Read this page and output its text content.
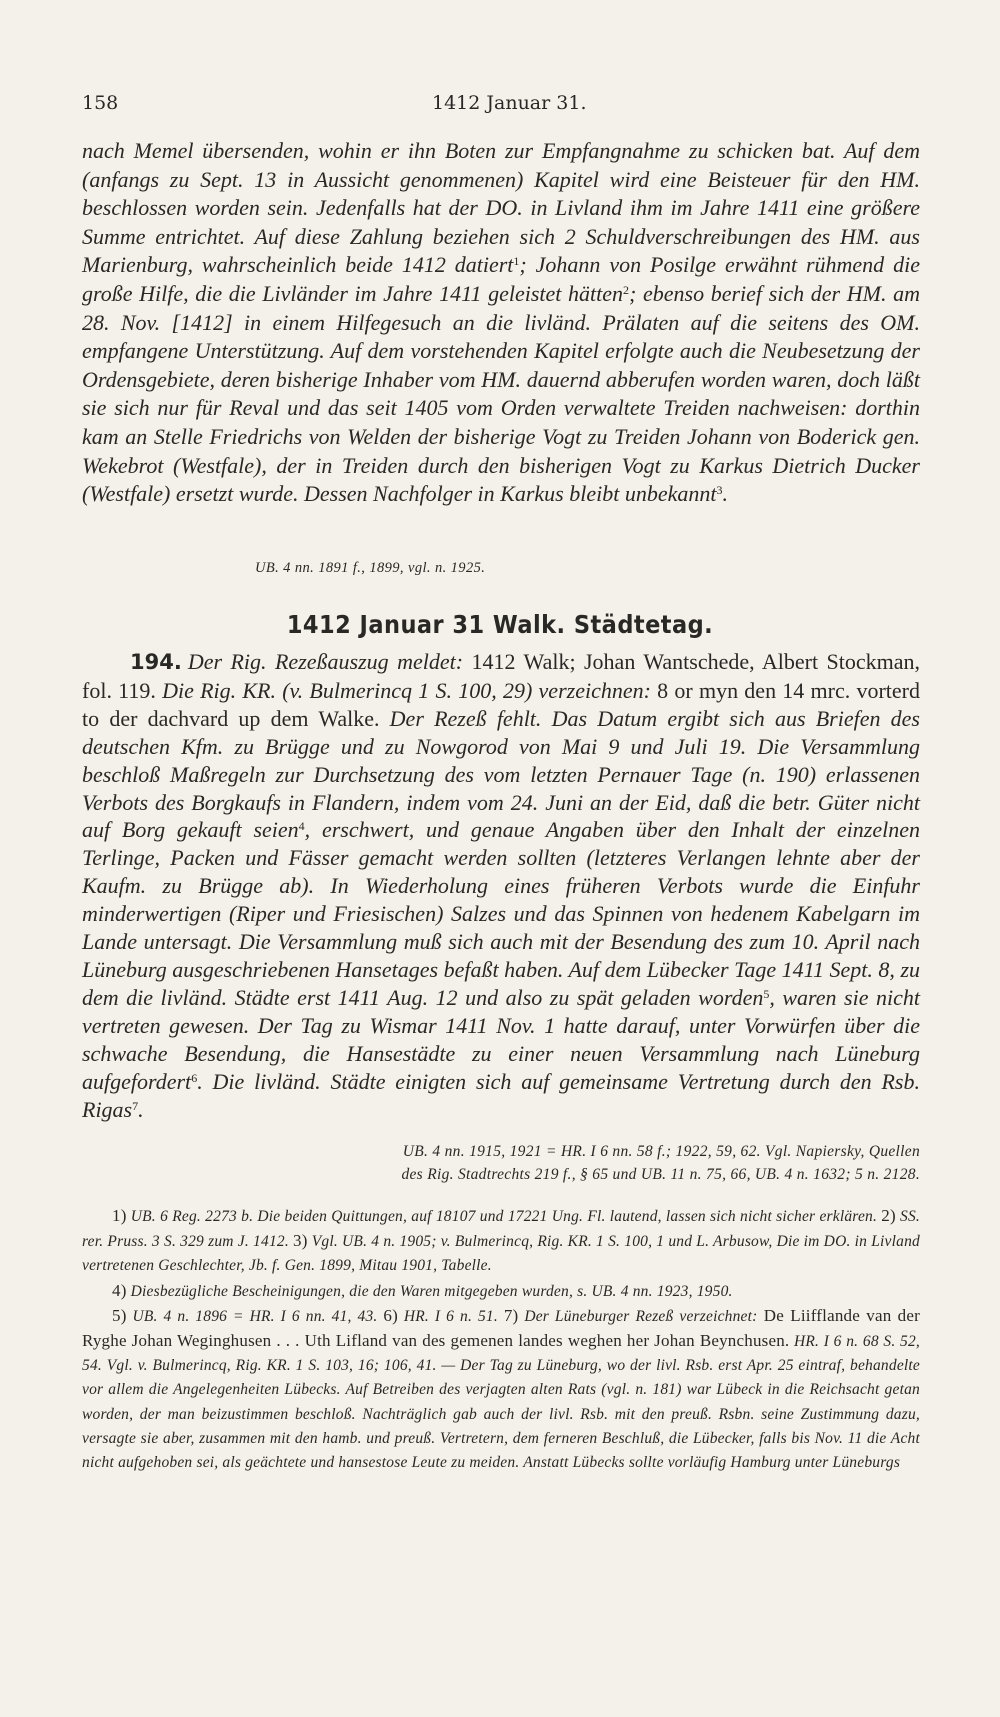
158	1412 Januar 31.

nach Memel übersenden, wohin er ihn Boten zur Empfangnahme zu schicken bat. Auf dem (anfangs zu Sept. 13 in Aussicht genommenen) Kapitel wird eine Beisteuer für den HM. beschlossen worden sein. Jedenfalls hat der DO. in Livland ihm im Jahre 1411 eine größere Summe entrichtet. Auf diese Zahlung beziehen sich 2 Schuldverschreibungen des HM. aus Marienburg, wahrscheinlich beide 1412 datiert$^1$; Johann von Posilge erwähnt rühmend die große Hilfe, die die Livländer im Jahre 1411 geleistet hätten$^2$; ebenso berief sich der HM. am 28. Nov. [1412] in einem Hilfegesuch an die livländ. Prälaten auf die seitens des OM. empfangene Unterstützung. Auf dem vorstehenden Kapitel erfolgte auch die Neubesetzung der Ordensgebiete, deren bisherige Inhaber vom HM. dauernd abberufen worden waren, doch läßt sie sich nur für Reval und das seit 1405 vom Orden verwaltete Treiden nachweisen: dorthin kam an Stelle Friedrichs von Welden der bisherige Vogt zu Treiden Johann von Boderick gen. Wekebrot (Westfale), der in Treiden durch den bisherigen Vogt zu Karkus Dietrich Ducker (Westfale) ersetzt wurde. Dessen Nachfolger in Karkus bleibt unbekannt$^3$.

UB. 4 nn. 1891 f., 1899, vgl. n. 1925.
1412 Januar 31 Walk. Städtetag.

194. Der Rig. Rezeßauszug meldet: 1412 Walk; Johan Wantschede, Albert Stockman, fol. 119. Die Rig. KR. (v. Bulmerincq 1 S. 100, 29) verzeichnen: 8 or myn den 14 mrc. vorterd to der dachvard up dem Walke. Der Rezeß fehlt. Das Datum ergibt sich aus Briefen des deutschen Kfm. zu Brügge und zu Nowgorod von Mai 9 und Juli 19. Die Versammlung beschloß Maßregeln zur Durchsetzung des vom letzten Pernauer Tage (n. 190) erlassenen Verbots des Borgkaufs in Flandern, indem vom 24. Juni an der Eid, daß die betr. Güter nicht auf Borg gekauft seien$^4$, erschwert, und genaue Angaben über den Inhalt der einzelnen Terlinge, Packen und Fässer gemacht werden sollten (letzteres Verlangen lehnte aber der Kaufm. zu Brügge ab). In Wiederholung eines früheren Verbots wurde die Einfuhr minderwertigen (Riper und Friesischen) Salzes und das Spinnen von hedenem Kabelgarn im Lande untersagt. Die Versammlung muß sich auch mit der Besendung des zum 10. April nach Lüneburg ausgeschriebenen Hansetages befaßt haben. Auf dem Lübecker Tage 1411 Sept. 8, zu dem die livländ. Städte erst 1411 Aug. 12 und also zu spät geladen worden$^5$, waren sie nicht vertreten gewesen. Der Tag zu Wismar 1411 Nov. 1 hatte darauf, unter Vorwürfen über die schwache Besendung, die Hansestädte zu einer neuen Versammlung nach Lüneburg aufgefordert$^6$. Die livländ. Städte einigten sich auf gemeinsame Vertretung durch den Rsb. Rigas$^7$.

UB. 4 nn. 1915, 1921 = HR. I 6 nn. 58 f.; 1922, 59, 62. Vgl. Napiersky, Quellen
des Rig. Stadtrechts 219 f., § 65 und UB. 11 n. 75, 66, UB. 4 n. 1632; 5 n. 2128.

1) UB. 6 Reg. 2273 b. Die beiden Quittungen, auf 18107 und 17221 Ung. Fl. lautend, lassen sich nicht sicher erklären. 2) SS. rer. Pruss. 3 S. 329 zum J. 1412. 3) Vgl. UB. 4 n. 1905; v. Bulmerincq, Rig. KR. 1 S. 100, 1 und L. Arbusow, Die im DO. in Livland vertretenen Geschlechter, Jb. f. Gen. 1899, Mitau 1901, Tabelle.

4) Diesbezügliche Bescheinigungen, die den Waren mitgegeben wurden, s. UB. 4 nn. 1923, 1950.

5) UB. 4 n. 1896 = HR. I 6 nn. 41, 43. 6) HR. I 6 n. 51. 7) Der Lüneburger Rezeß verzeichnet: De Liifflande van der Ryghe Johan Weginghusen . . . Uth Lifland van des gemenen landes weghen her Johan Beynchusen. HR. I 6 n. 68 S. 52, 54. Vgl. v. Bulmerincq, Rig. KR. 1 S. 103, 16; 106, 41. — Der Tag zu Lüneburg, wo der livl. Rsb. erst Apr. 25 eintraf, behandelte vor allem die Angelegenheiten Lübecks. Auf Betreiben des verjagten alten Rats (vgl. n. 181) war Lübeck in die Reichsacht getan worden, der man beizustimmen beschloß. Nachträglich gab auch der livl. Rsb. mit den preuß. Rsbn. seine Zustimmung dazu, versagte sie aber, zusammen mit den hamb. und preuß. Vertretern, dem ferneren Beschluß, die Lübecker, falls bis Nov. 11 die Acht nicht aufgehoben sei, als geächtete und hansestose Leute zu meiden. Anstatt Lübecks sollte vorläufig Hamburg unter Lüneburgs
